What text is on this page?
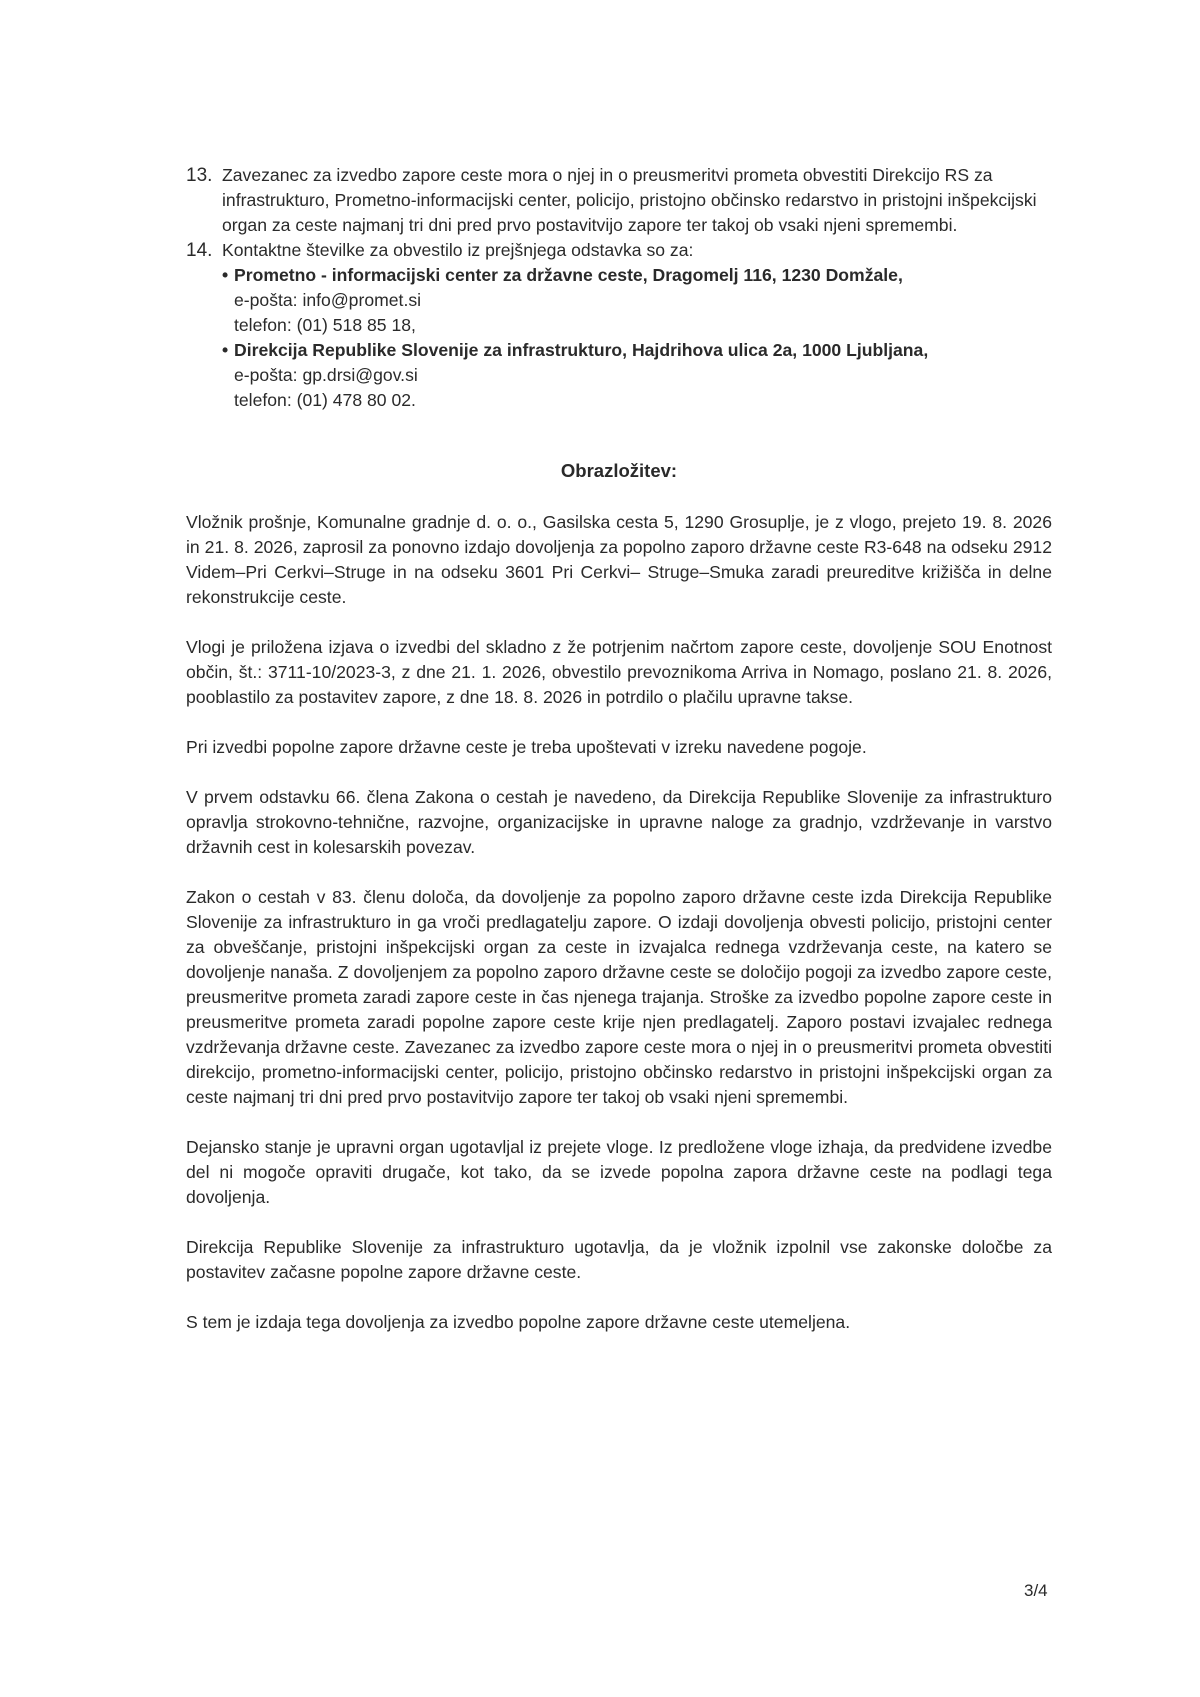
13. Zavezanec za izvedbo zapore ceste mora o njej in o preusmeritvi prometa obvestiti Direkcijo RS za infrastrukturo, Prometno-informacijski center, policijo, pristojno občinsko redarstvo in pristojni inšpekcijski organ za ceste najmanj tri dni pred prvo postavitvijo zapore ter takoj ob vsaki njeni spremembi.
14. Kontaktne številke za obvestilo iz prejšnjega odstavka so za:
• Prometno - informacijski center za državne ceste, Dragomelj 116, 1230 Domžale,
e-pošta: info@promet.si
telefon: (01) 518 85 18,
• Direkcija Republike Slovenije za infrastrukturo, Hajdrihova ulica 2a, 1000 Ljubljana,
e-pošta: gp.drsi@gov.si
telefon: (01) 478 80 02.
Obrazložitev:
Vložnik prošnje, Komunalne gradnje d. o. o., Gasilska cesta 5, 1290 Grosuplje, je z vlogo, prejeto 19. 8. 2026 in 21. 8. 2026, zaprosil za ponovno izdajo dovoljenja za popolno zaporo državne ceste R3-648 na odseku 2912 Videm–Pri Cerkvi–Struge in na odseku 3601 Pri Cerkvi– Struge–Smuka zaradi preureditve križišča in delne rekonstrukcije ceste.
Vlogi je priložena izjava o izvedbi del skladno z že potrjenim načrtom zapore ceste, dovoljenje SOU Enotnost občin, št.: 3711-10/2023-3, z dne 21. 1. 2026, obvestilo prevoznikoma Arriva in Nomago, poslano 21. 8. 2026, pooblastilo za postavitev zapore, z dne 18. 8. 2026 in potrdilo o plačilu upravne takse.
Pri izvedbi popolne zapore državne ceste je treba upoštevati v izreku navedene pogoje.
V prvem odstavku 66. člena Zakona o cestah je navedeno, da Direkcija Republike Slovenije za infrastrukturo opravlja strokovno-tehnične, razvojne, organizacijske in upravne naloge za gradnjo, vzdrževanje in varstvo državnih cest in kolesarskih povezav.
Zakon o cestah v 83. členu določa, da dovoljenje za popolno zaporo državne ceste izda Direkcija Republike Slovenije za infrastrukturo in ga vroči predlagatelju zapore. O izdaji dovoljenja obvesti policijo, pristojni center za obveščanje, pristojni inšpekcijski organ za ceste in izvajalca rednega vzdrževanja ceste, na katero se dovoljenje nanaša. Z dovoljenjem za popolno zaporo državne ceste se določijo pogoji za izvedbo zapore ceste, preusmeritve prometa zaradi zapore ceste in čas njenega trajanja. Stroške za izvedbo popolne zapore ceste in preusmeritve prometa zaradi popolne zapore ceste krije njen predlagatelj. Zaporo postavi izvajalec rednega vzdrževanja državne ceste. Zavezanec za izvedbo zapore ceste mora o njej in o preusmeritvi prometa obvestiti direkcijo, prometno-informacijski center, policijo, pristojno občinsko redarstvo in pristojni inšpekcijski organ za ceste najmanj tri dni pred prvo postavitvijo zapore ter takoj ob vsaki njeni spremembi.
Dejansko stanje je upravni organ ugotavljal iz prejete vloge. Iz predložene vloge izhaja, da predvidene izvedbe del ni mogoče opraviti drugače, kot tako, da se izvede popolna zapora državne ceste na podlagi tega dovoljenja.
Direkcija Republike Slovenije za infrastrukturo ugotavlja, da je vložnik izpolnil vse zakonske določbe za postavitev začasne popolne zapore državne ceste.
S tem je izdaja tega dovoljenja za izvedbo popolne zapore državne ceste utemeljena.
3/4
